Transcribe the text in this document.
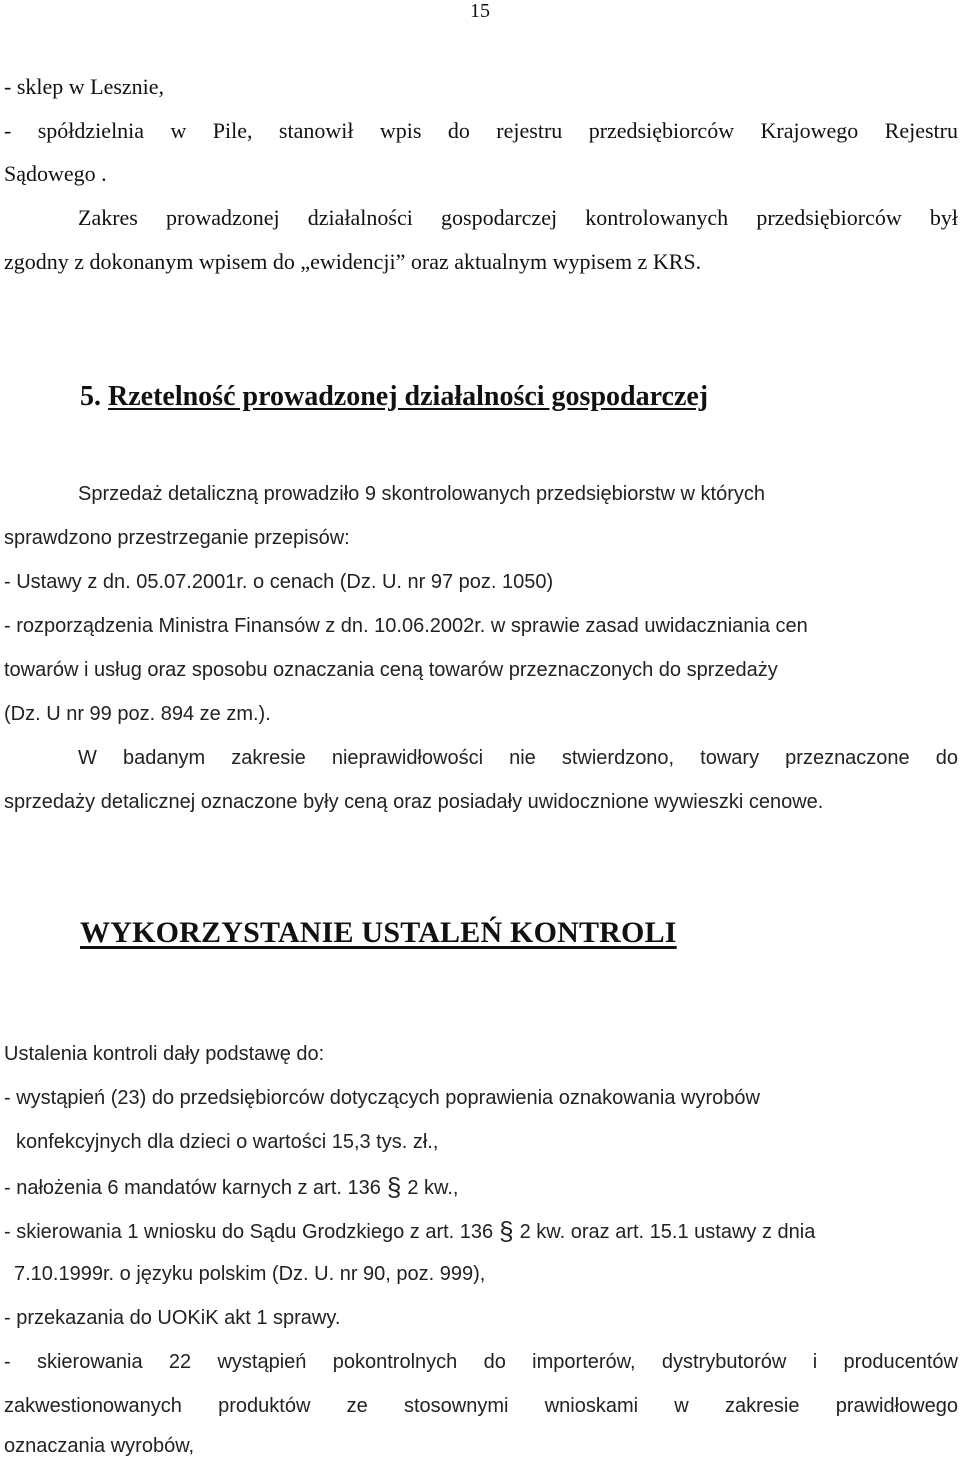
15
- sklep w Lesznie,
- spółdzielnia w Pile, stanowił wpis do rejestru przedsiębiorców Krajowego Rejestru
Sądowego .
Zakres prowadzonej działalności gospodarczej kontrolowanych przedsiębiorców był
zgodny z dokonanym wpisem do „ewidencji” oraz aktualnym wypisem z KRS.
5. Rzetelność prowadzonej działalności gospodarczej
Sprzedaż detaliczną prowadziło 9 skontrolowanych przedsiębiorstw w których
sprawdzono przestrzeganie przepisów:
- Ustawy z dn. 05.07.2001r. o cenach (Dz. U. nr 97 poz. 1050)
- rozporządzenia Ministra Finansów z dn. 10.06.2002r. w sprawie zasad uwidaczniania cen
towarów i usług oraz sposobu oznaczania ceną towarów przeznaczonych do sprzedaży
(Dz. U nr 99 poz. 894 ze zm.).
W badanym zakresie nieprawidłowości nie stwierdzono, towary przeznaczone do
sprzedaży detalicznej oznaczone były ceną oraz posiadały uwidocznione wywieszki cenowe.
WYKORZYSTANIE USTALEŃ KONTROLI
Ustalenia kontroli dały podstawę do:
- wystąpień (23) do przedsiębiorców dotyczących poprawienia oznakowania wyrobów
konfekcyjnych dla dzieci o wartości 15,3 tys. zł.,
- nałożenia 6 mandatów karnych z art. 136 § 2 kw.,
- skierowania 1 wniosku do Sądu Grodzkiego z art. 136 § 2 kw. oraz art. 15.1 ustawy z dnia
7.10.1999r. o języku polskim (Dz. U. nr 90, poz. 999),
- przekazania do UOKiK akt 1 sprawy.
- skierowania 22 wystąpień pokontrolnych do importerów, dystrybutorów i producentów
zakwestionowanych produktów ze stosownymi wnioskami w zakresie prawidłowego
oznaczania wyrobów,
